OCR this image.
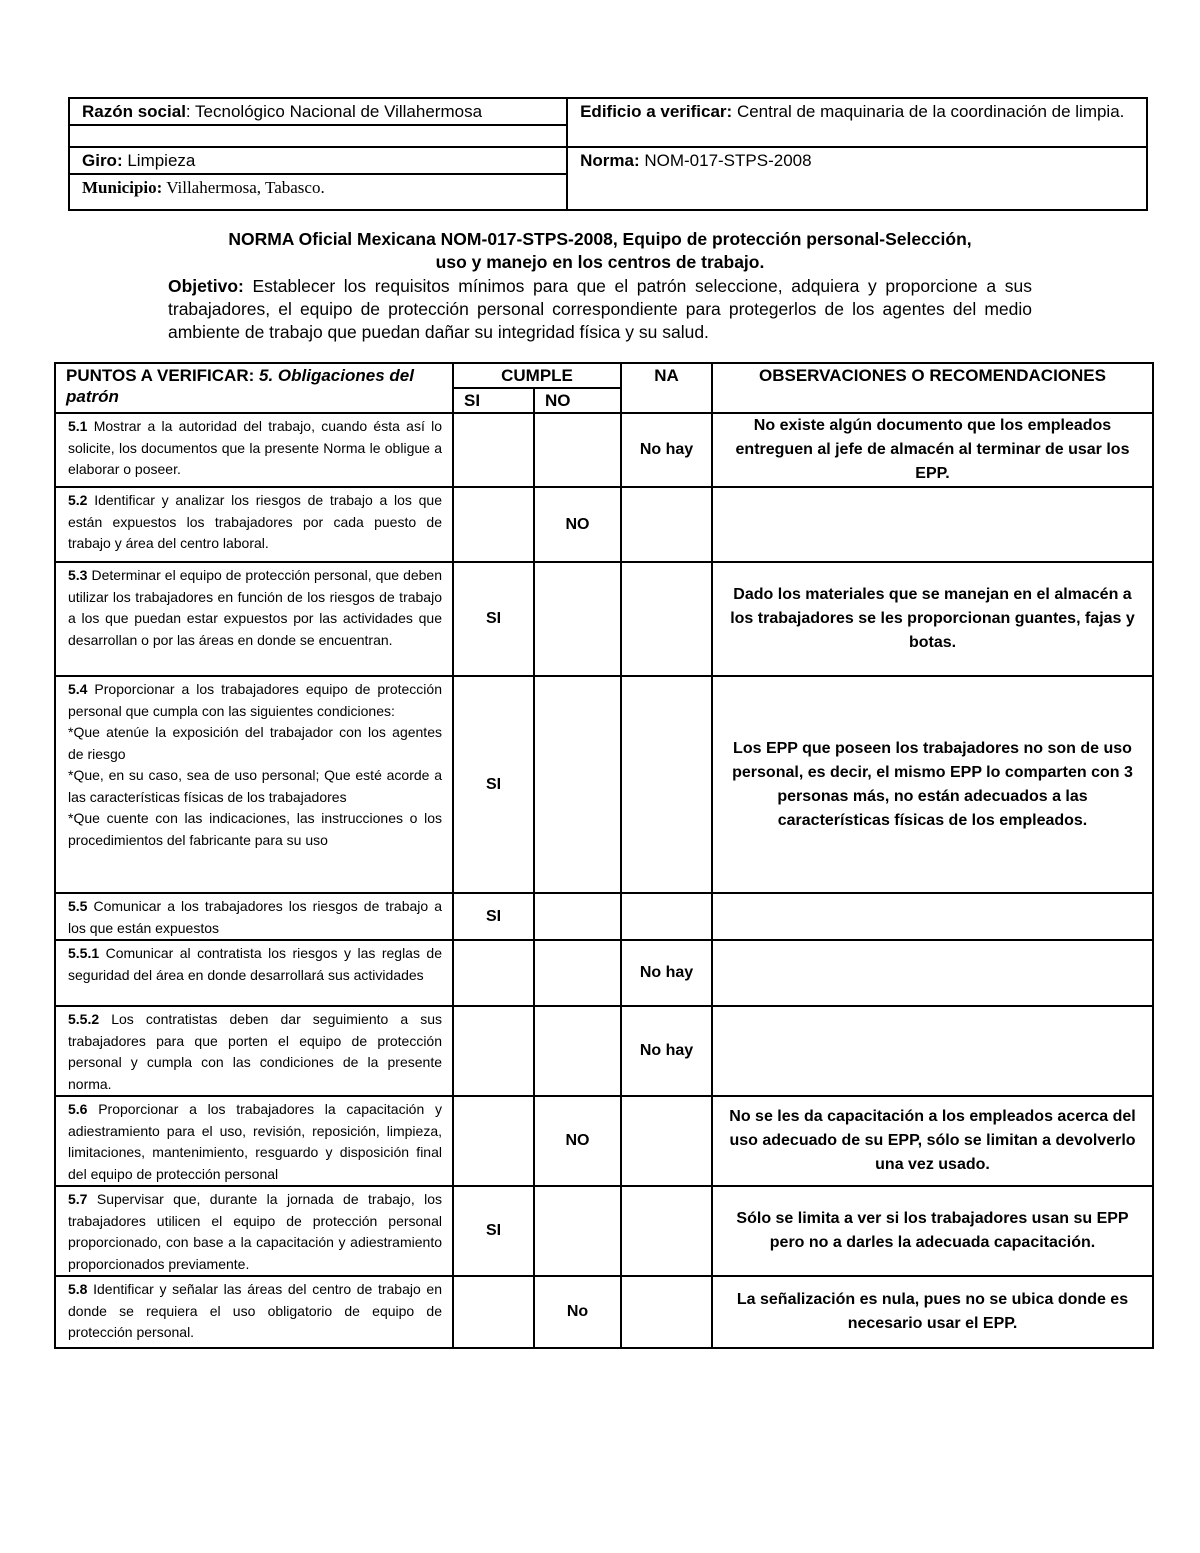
Razón social: Tecnológico Nacional de Villahermosa	Edificio a verificar: Central de maquinaria de la coordinación de limpia.

Giro: Limpieza	Norma: NOM-017-STPS-2008
Municipio: Villahermosa, Tabasco.	
NORMA Oficial Mexicana NOM-017-STPS-2008, Equipo de protección personal-Selección,
uso y manejo en los centros de trabajo.
Objetivo: Establecer los requisitos mínimos para que el patrón seleccione, adquiera y proporcione a sus trabajadores, el equipo de protección personal correspondiente para protegerlos de los agentes del medio ambiente de trabajo que puedan dañar su integridad física y su salud.
PUNTOS A VERIFICAR: 5. Obligaciones del patrón	CUMPLE		NA	OBSERVACIONES O RECOMENDACIONES
	SI	NO		
5.1 Mostrar a la autoridad del trabajo, cuando ésta así lo solicite, los documentos que la presente Norma le obligue a elaborar o poseer.			No hay	No existe algún documento que los empleados entreguen al jefe de almacén al terminar de usar los EPP.
5.2 Identificar y analizar los riesgos de trabajo a los que están expuestos los trabajadores por cada puesto de trabajo y área del centro laboral.		NO		
5.3 Determinar el equipo de protección personal, que deben utilizar los trabajadores en función de los riesgos de trabajo a los que puedan estar expuestos por las actividades que desarrollan o por las áreas en donde se encuentran.	SI			Dado los materiales que se manejan en el almacén a los trabajadores se les proporcionan guantes, fajas y botas.
5.4 Proporcionar a los trabajadores equipo de protección personal que cumpla con las siguientes condiciones:
*Que atenúe la exposición del trabajador con los agentes de riesgo
*Que, en su caso, sea de uso personal; Que esté acorde a las características físicas de los trabajadores
*Que cuente con las indicaciones, las instrucciones o los procedimientos del fabricante para su uso	SI			Los EPP que poseen los trabajadores no son de uso personal, es decir, el mismo EPP lo comparten con 3 personas más, no están adecuados a las características físicas de los empleados.
5.5 Comunicar a los trabajadores los riesgos de trabajo a los que están expuestos	SI			
5.5.1 Comunicar al contratista los riesgos y las reglas de seguridad del área en donde desarrollará sus actividades			No hay	
5.5.2 Los contratistas deben dar seguimiento a sus trabajadores para que porten el equipo de protección personal y cumpla con las condiciones de la presente norma.			No hay	
5.6 Proporcionar a los trabajadores la capacitación y adiestramiento para el uso, revisión, reposición, limpieza, limitaciones, mantenimiento, resguardo y disposición final del equipo de protección personal		NO		No se les da capacitación a los empleados acerca del uso adecuado de su EPP, sólo se limitan a devolverlo una vez usado.
5.7 Supervisar que, durante la jornada de trabajo, los trabajadores utilicen el equipo de protección personal proporcionado, con base a la capacitación y adiestramiento proporcionados previamente.	SI			Sólo se limita a ver si los trabajadores usan su EPP pero no a darles la adecuada capacitación.
5.8 Identificar y señalar las áreas del centro de trabajo en donde se requiera el uso obligatorio de equipo de protección personal.		No		La señalización es nula, pues no se ubica donde es necesario usar el EPP.
